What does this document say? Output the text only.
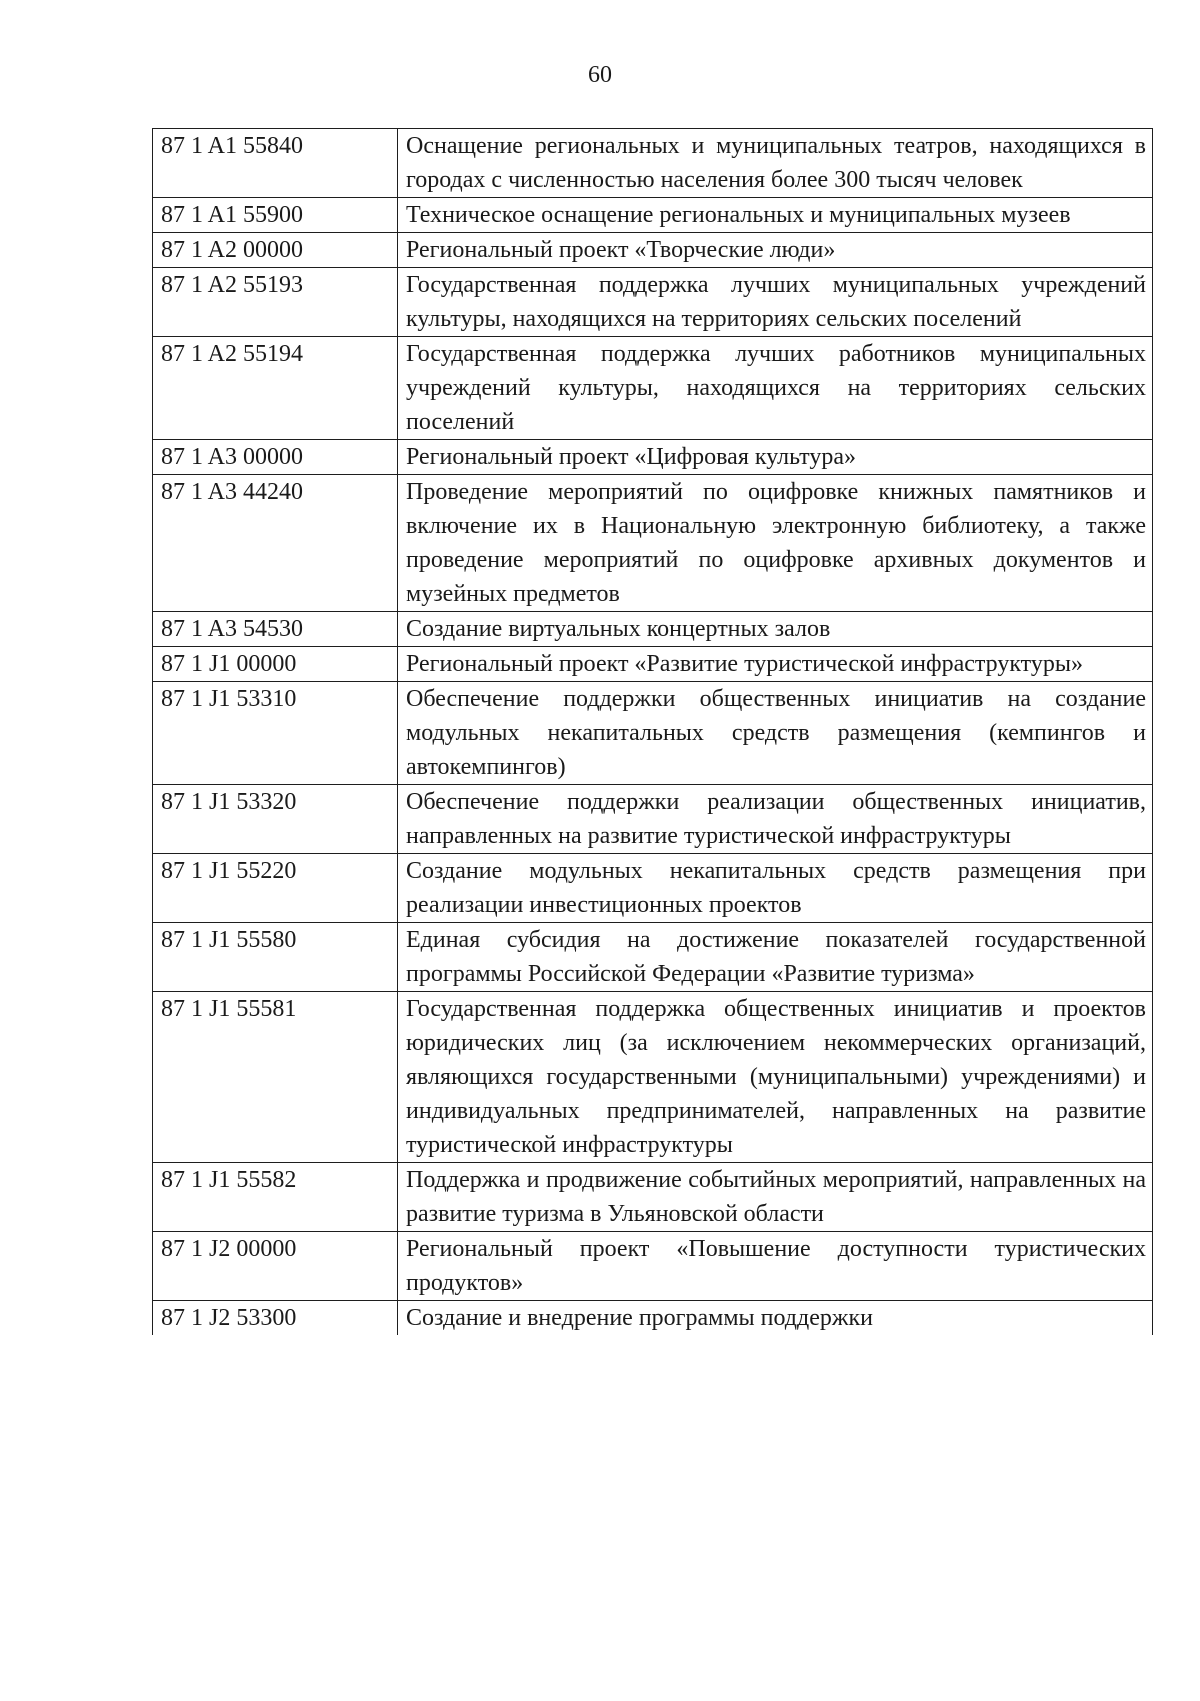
60
87 1 A1 55840	Оснащение региональных и муниципальных театров, находящихся в городах с численностью населения более 300 тысяч человек
87 1 A1 55900	Техническое оснащение региональных и муниципальных музеев
87 1 A2 00000	Региональный проект «Творческие люди»
87 1 A2 55193	Государственная поддержка лучших муниципальных учреждений культуры, находящихся на территориях сельских поселений
87 1 A2 55194	Государственная поддержка лучших работников муниципальных учреждений культуры, находящихся на территориях сельских поселений
87 1 A3 00000	Региональный проект «Цифровая культура»
87 1 A3 44240	Проведение мероприятий по оцифровке книжных памятников и включение их в Национальную электронную библиотеку, а также проведение мероприятий по оцифровке архивных документов и музейных предметов
87 1 A3 54530	Создание виртуальных концертных залов
87 1 J1 00000	Региональный проект «Развитие туристической инфраструктуры»
87 1 J1 53310	Обеспечение поддержки общественных инициатив на создание модульных некапитальных средств размещения (кемпингов и автокемпингов)
87 1 J1 53320	Обеспечение поддержки реализации общественных инициатив, направленных на развитие туристической инфраструктуры
87 1 J1 55220	Создание модульных некапитальных средств размещения при реализации инвестиционных проектов
87 1 J1 55580	Единая субсидия на достижение показателей государственной программы Российской Федерации «Развитие туризма»
87 1 J1 55581	Государственная поддержка общественных инициатив и проектов юридических лиц (за исключением некоммерческих организаций, являющихся государственными (муниципальными) учреждениями) и индивидуальных предпринимателей, направленных на развитие туристической инфраструктуры
87 1 J1 55582	Поддержка и продвижение событийных мероприятий, направленных на развитие туризма в Ульяновской области
87 1 J2 00000	Региональный проект «Повышение доступности туристических продуктов»
87 1 J2 53300	Создание и внедрение программы поддержки
